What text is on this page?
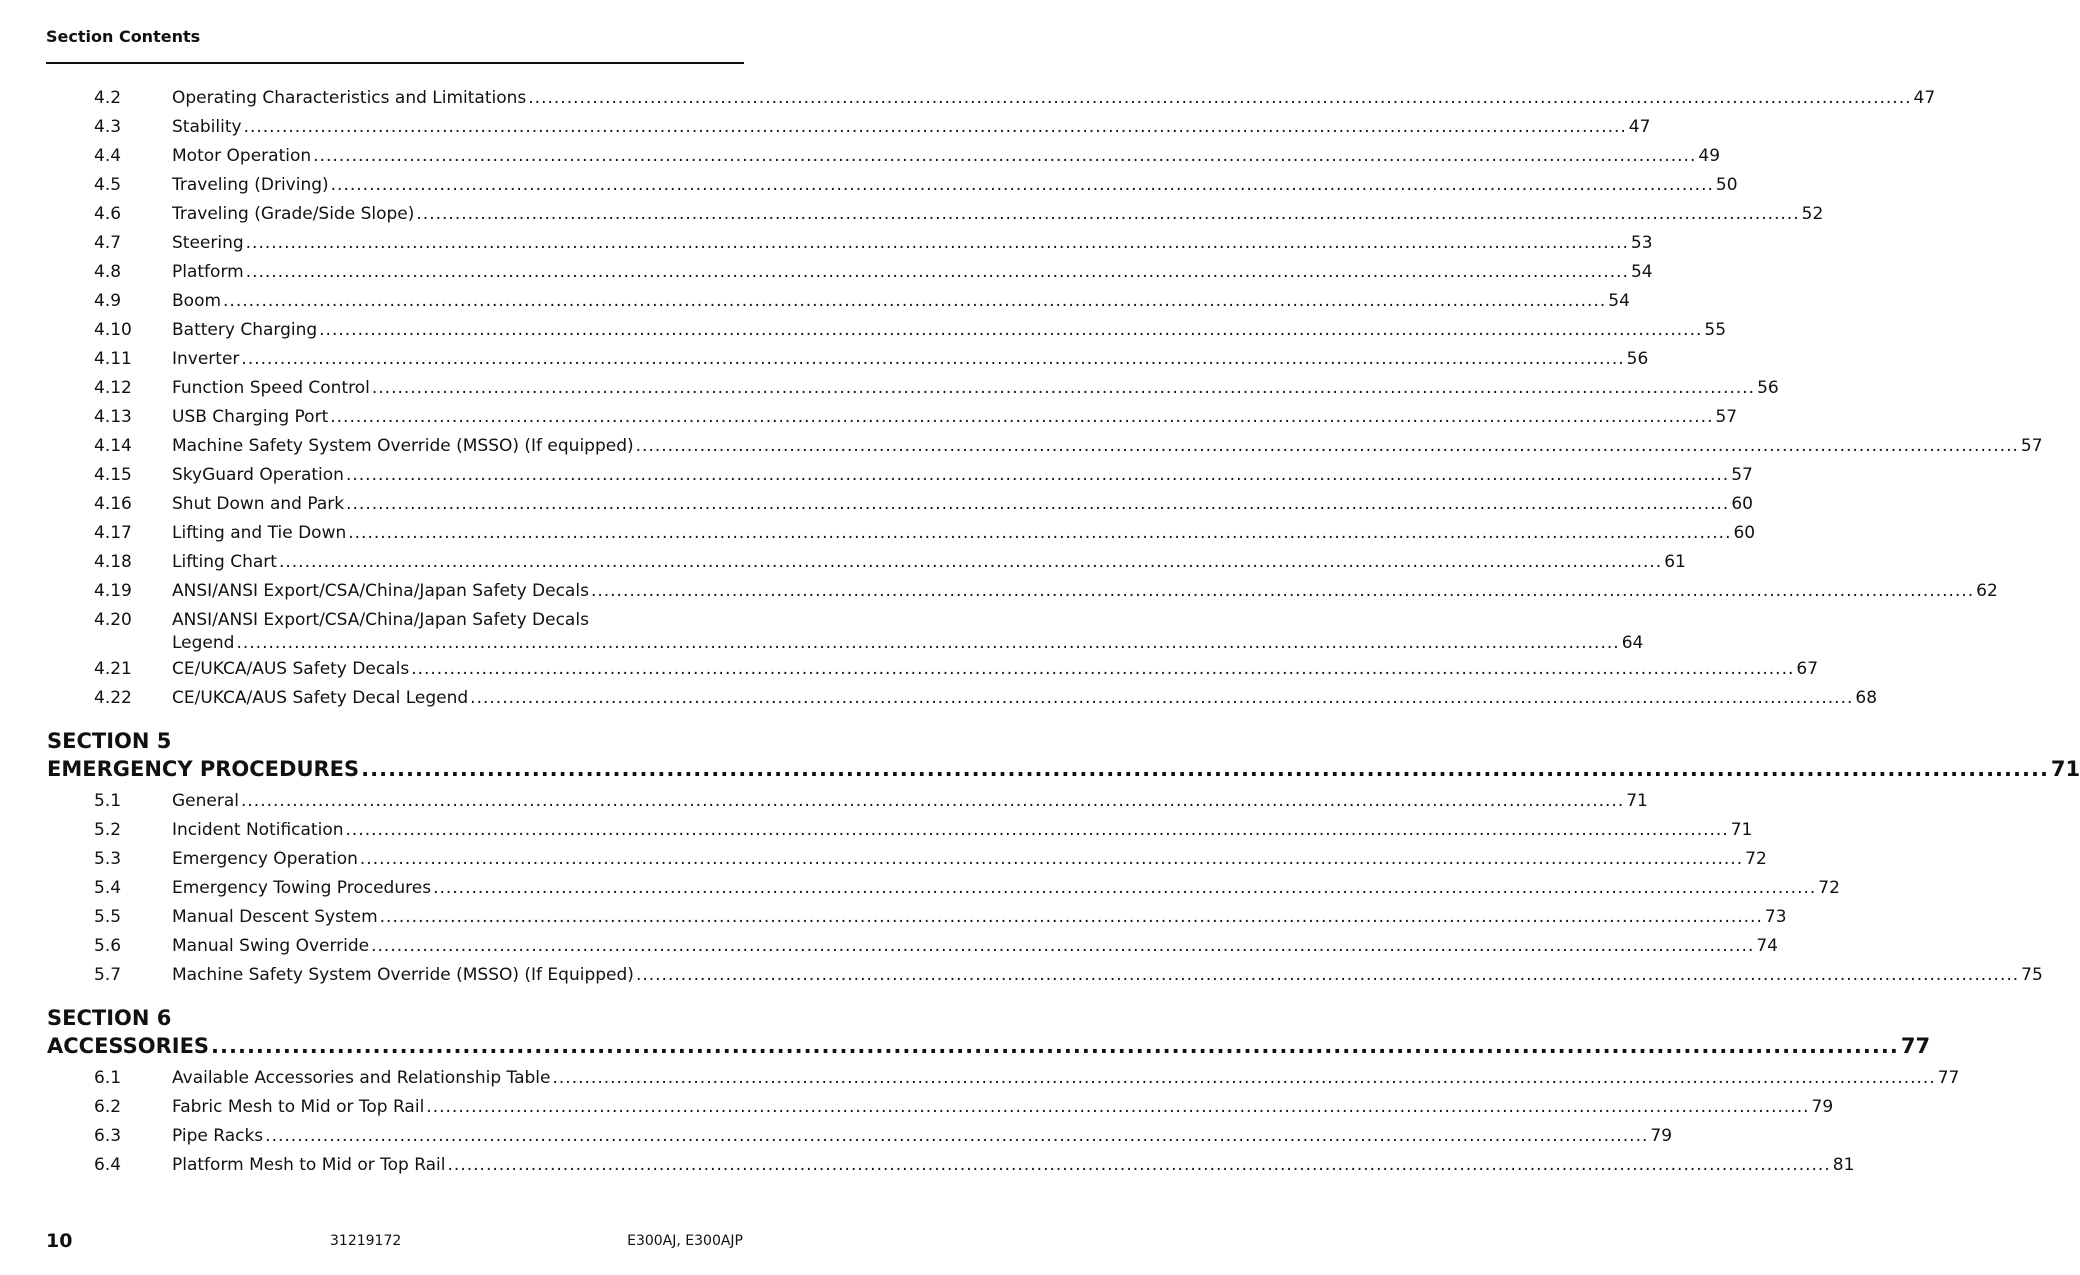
Section Contents
4.2	Operating Characteristics and Limitations .....	47
4.3	Stability .....	47
4.4	Motor Operation .....	49
4.5	Traveling (Driving) .....	50
4.6	Traveling (Grade/Side Slope) .....	52
4.7	Steering .....	53
4.8	Platform .....	54
4.9	Boom .....	54
4.10	Battery Charging .....	55
4.11	Inverter .....	56
4.12	Function Speed Control .....	56
4.13	USB Charging Port .....	57
4.14	Machine Safety System Override (MSSO) (If equipped) .....	57
4.15	SkyGuard Operation .....	57
4.16	Shut Down and Park .....	60
4.17	Lifting and Tie Down .....	60
4.18	Lifting Chart .....	61
4.19	ANSI/ANSI Export/CSA/China/Japan Safety Decals .....	62
4.20	ANSI/ANSI Export/CSA/China/Japan Safety Decals
Legend .....	64
4.21	CE/UKCA/AUS Safety Decals .....	67
4.22	CE/UKCA/AUS Safety Decal Legend .....	68
SECTION 5
EMERGENCY PROCEDURES .....	71
5.1	General .....	71
5.2	Incident Notification .....	71
5.3	Emergency Operation .....	72
5.4	Emergency Towing Procedures .....	72
5.5	Manual Descent System .....	73
5.6	Manual Swing Override .....	74
5.7	Machine Safety System Override (MSSO) (If Equipped) .....	75
SECTION 6
ACCESSORIES .....	77
6.1	Available Accessories and Relationship Table .....	77
6.2	Fabric Mesh to Mid or Top Rail .....	79
6.3	Pipe Racks .....	79
6.4	Platform Mesh to Mid or Top Rail .....	81
10	31219172	E300AJ, E300AJP
